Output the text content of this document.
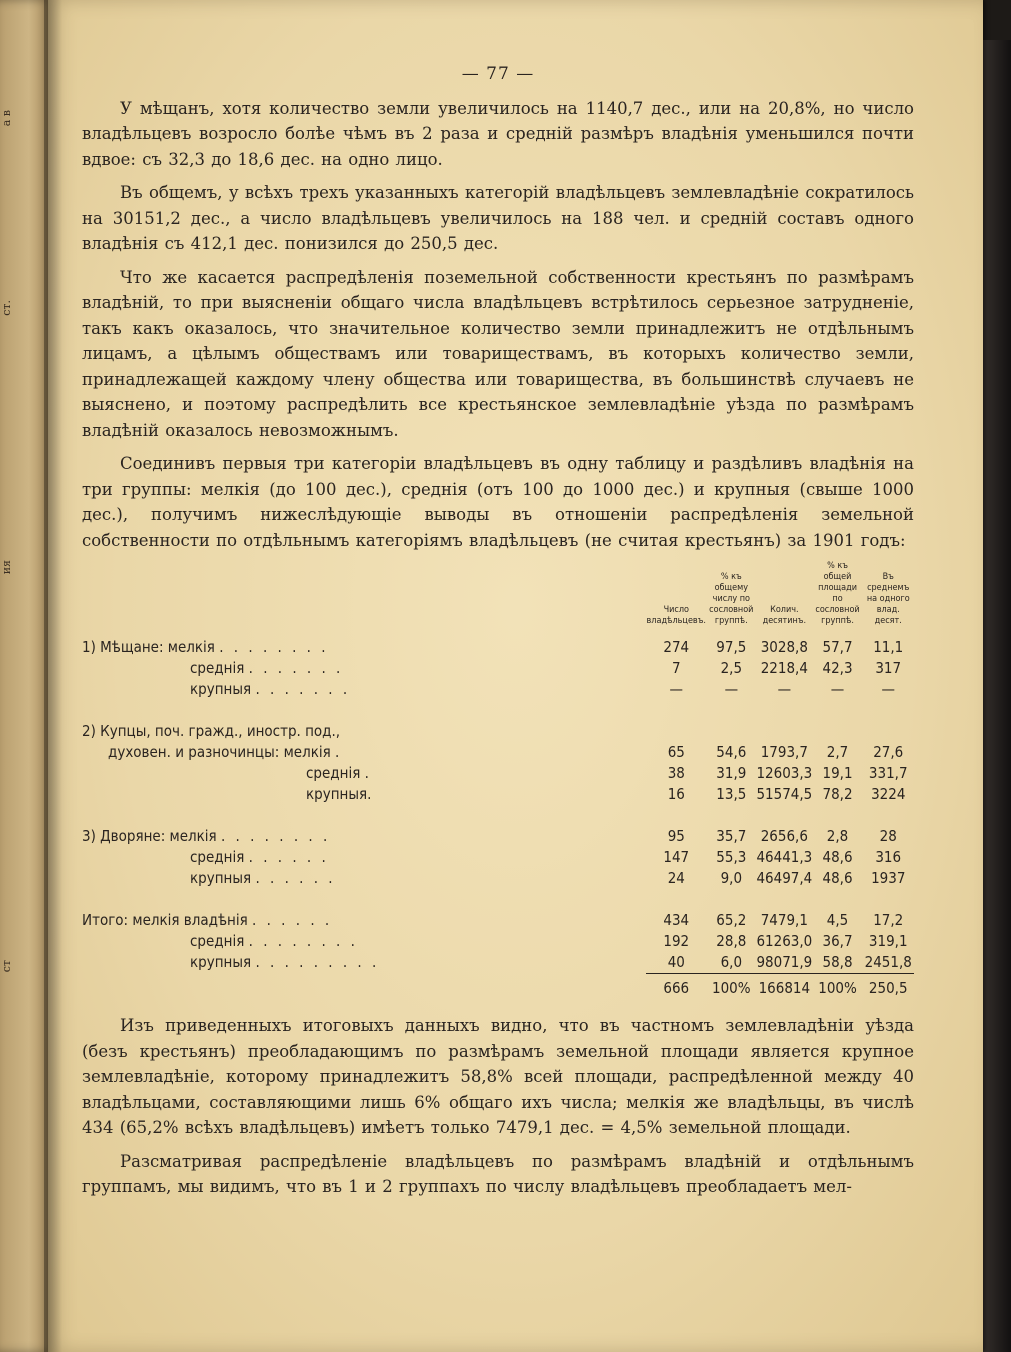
а в
ст.
ия
ст
— 77 —

У мѣщанъ, хотя количество земли увеличилось на 1140,7 дес., или на 20,8%, но число владѣльцевъ возросло болѣе чѣмъ въ 2 раза и средній размѣръ владѣнія уменьшился почти вдвое: съ 32,3 до 18,6 дес. на одно лицо.

Въ общемъ, у всѣхъ трехъ указанныхъ категорій владѣльцевъ землевладѣніе сократилось на 30151,2 дес., а число владѣльцевъ увеличилось на 188 чел. и средній составъ одного владѣнія съ 412,1 дес. понизился до 250,5 дес.

Что же касается распредѣленія поземельной собственности крестьянъ по размѣрамъ владѣній, то при выясненіи общаго числа владѣльцевъ встрѣтилось серьезное затрудненіе, такъ какъ оказалось, что значительное количество земли принадлежитъ не отдѣльнымъ лицамъ, а цѣлымъ обществамъ или товариществамъ, въ которыхъ количество земли, принадлежащей каждому члену общества или товарищества, въ большинствѣ случаевъ не выяснено, и поэтому распредѣлить все крестьянское землевладѣніе уѣзда по размѣрамъ владѣній оказалось невозможнымъ.

Соединивъ первыя три категоріи владѣльцевъ въ одну таблицу и раздѣливъ владѣнія на три группы: мелкія (до 100 дес.), среднія (отъ 100 до 1000 дес.) и крупныя (свыше 1000 дес.), получимъ нижеслѣдующіе выводы въ отношеніи распредѣленія земельной собственности по отдѣльнымъ категоріямъ владѣльцевъ (не считая крестьянъ) за 1901 годъ:

	Число владѣльцевъ.	% къ общему числу по сословной группѣ.	Колич. десятинъ.	% къ общей площади по сословной группѣ.	Въ среднемъ на одного влад. десят.
1) Мѣщане: мелкія . . . . . . . .	274	97,5	3028,8	57,7	11,1
среднія . . . . . . .	7	2,5	2218,4	42,3	317
крупныя . . . . . . .	—	—	—	—	—

2) Купцы, поч. гражд., иностр. под.,					
духовен. и разночинцы: мелкія .	65	54,6	1793,7	2,7	27,6
среднія .	38	31,9	12603,3	19,1	331,7
крупныя.	16	13,5	51574,5	78,2	3224

3) Дворяне: мелкія . . . . . . . .	95	35,7	2656,6	2,8	28
среднія . . . . . .	147	55,3	46441,3	48,6	316
крупныя . . . . . .	24	9,0	46497,4	48,6	1937

Итого: мелкія владѣнія . . . . . .	434	65,2	7479,1	4,5	17,2
среднія . . . . . . . .	192	28,8	61263,0	36,7	319,1
крупныя . . . . . . . . .	40	6,0	98071,9	58,8	2451,8
	666	100%	166814	100%	250,5

Изъ приведенныхъ итоговыхъ данныхъ видно, что въ частномъ землевладѣніи уѣзда (безъ крестьянъ) преобладающимъ по размѣрамъ земельной площади является крупное землевладѣніе, которому принадлежитъ 58,8% всей площади, распредѣленной между 40 владѣльцами, составляющими лишь 6% общаго ихъ числа; мелкія же владѣльцы, въ числѣ 434 (65,2% всѣхъ владѣльцевъ) имѣетъ только 7479,1 дес. = 4,5% земельной площади.

Разсматривая распредѣленіе владѣльцевъ по размѣрамъ владѣній и отдѣльнымъ группамъ, мы видимъ, что въ 1 и 2 группахъ по числу владѣльцевъ преобладаетъ мел-
